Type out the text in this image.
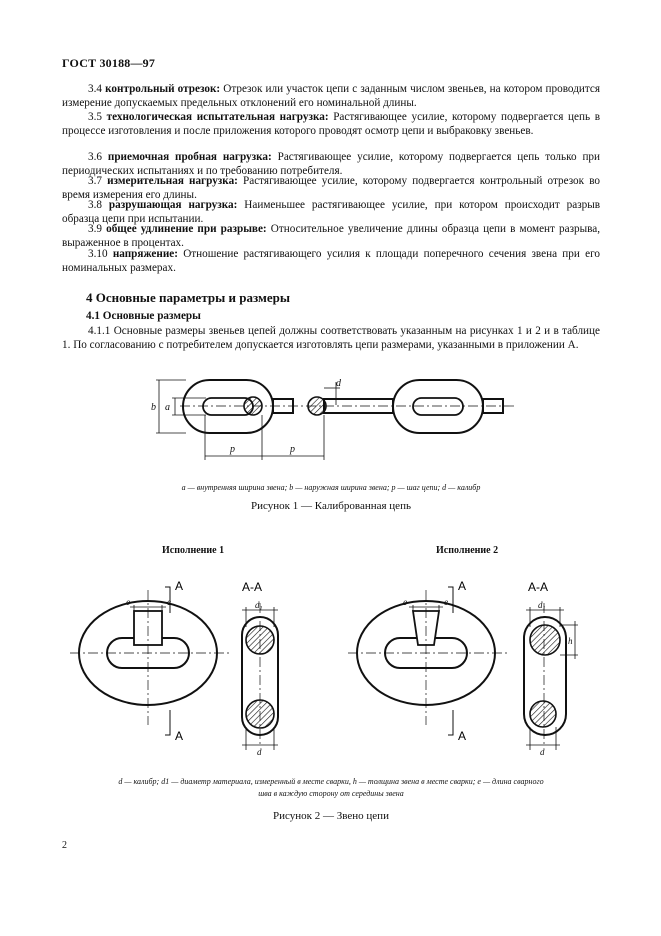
ГОСТ 30188—97

3.4 контрольный отрезок: Отрезок или участок цепи с заданным числом звеньев, на котором проводится измерение допускаемых предельных отклонений его номинальной длины.

3.5 технологическая испытательная нагрузка: Растягивающее усилие, которому подвергается цепь в процессе изготовления и после приложения которого проводят осмотр цепи и выбраковку звеньев.

3.6 приемочная пробная нагрузка: Растягивающее усилие, которому подвергается цепь только при периодических испытаниях и по требованию потребителя.

3.7 измерительная нагрузка: Растягивающее усилие, которому подвергается контрольный отрезок во время измерения его длины.

3.8 разрушающая нагрузка: Наименьшее растягивающее усилие, при котором происходит разрыв образца цепи при испытании.

3.9 общее удлинение при разрыве: Относительное увеличение длины образца цепи в момент разрыва, выраженное в процентах.

3.10 напряжение: Отношение растягивающего усилия к площади поперечного сечения звена при его номинальных размерах.

4 Основные параметры и размеры
4.1 Основные размеры

4.1.1 Основные размеры звеньев цепей должны соответствовать указанным на рисунках 1 и 2 и в таблице 1. По согласованию с потребителем допускается изготовлять цепи размерами, указанными в приложении А.

b a
p	p
d
a — внутренняя ширина звена; b — наружная ширина звена; p — шаг цепи; d — калибр
Рисунок 1 — Калиброванная цепь
Исполнение 1	Исполнение 2
A
A
e	e
A-A
$d_1$
d
A
A
e	e
A-A
$d_1$
h
d
d — калибр; d1 — диаметр материала, измеренный в месте сварки, h — толщина звена в месте сварки; e — длина сварного
шва в каждую сторону от середины звена
Рисунок 2 — Звено цепи
2
